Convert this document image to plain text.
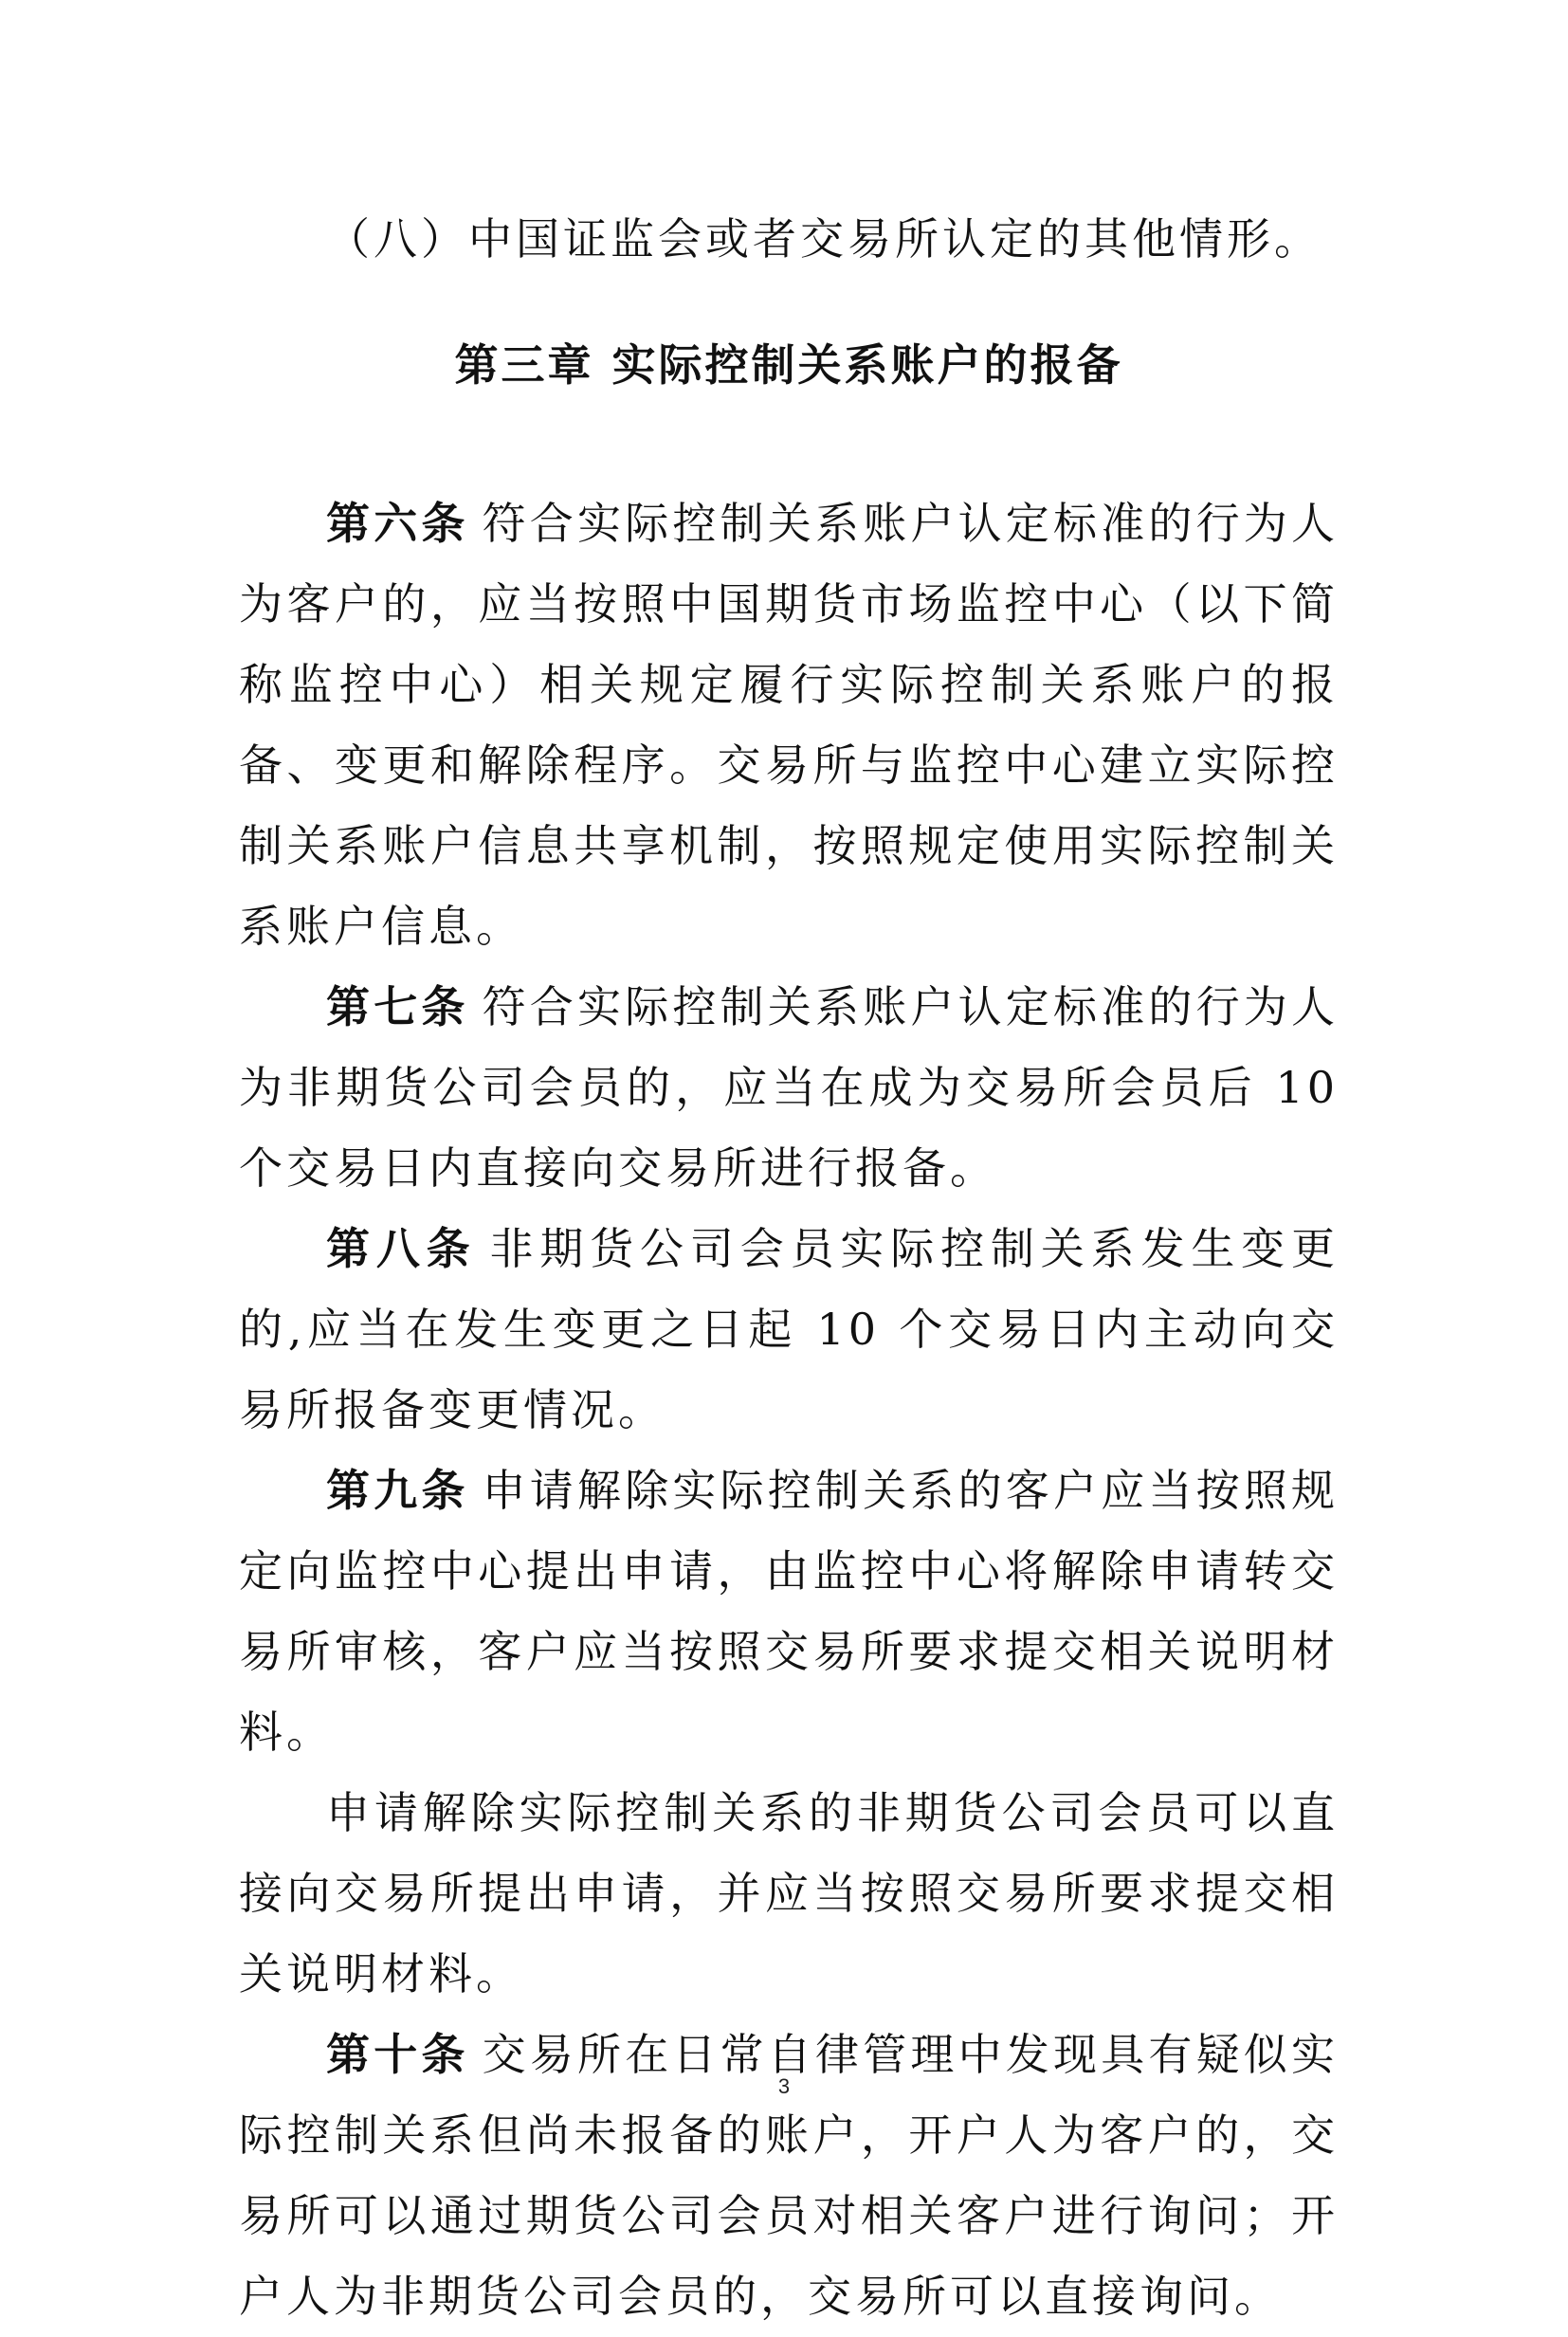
（八）中国证监会或者交易所认定的其他情形。

第三章 实际控制关系账户的报备

第六条 符合实际控制关系账户认定标准的行为人为客户的，应当按照中国期货市场监控中心（以下简称监控中心）相关规定履行实际控制关系账户的报备、变更和解除程序。交易所与监控中心建立实际控制关系账户信息共享机制，按照规定使用实际控制关系账户信息。

第七条 符合实际控制关系账户认定标准的行为人为非期货公司会员的，应当在成为交易所会员后 10 个交易日内直接向交易所进行报备。

第八条 非期货公司会员实际控制关系发生变更的,应当在发生变更之日起 10 个交易日内主动向交易所报备变更情况。

第九条 申请解除实际控制关系的客户应当按照规定向监控中心提出申请，由监控中心将解除申请转交易所审核，客户应当按照交易所要求提交相关说明材料。

申请解除实际控制关系的非期货公司会员可以直接向交易所提出申请，并应当按照交易所要求提交相关说明材料。

第十条 交易所在日常自律管理中发现具有疑似实际控制关系但尚未报备的账户，开户人为客户的，交易所可以通过期货公司会员对相关客户进行询问；开户人为非期货公司会员的，交易所可以直接询问。

3
